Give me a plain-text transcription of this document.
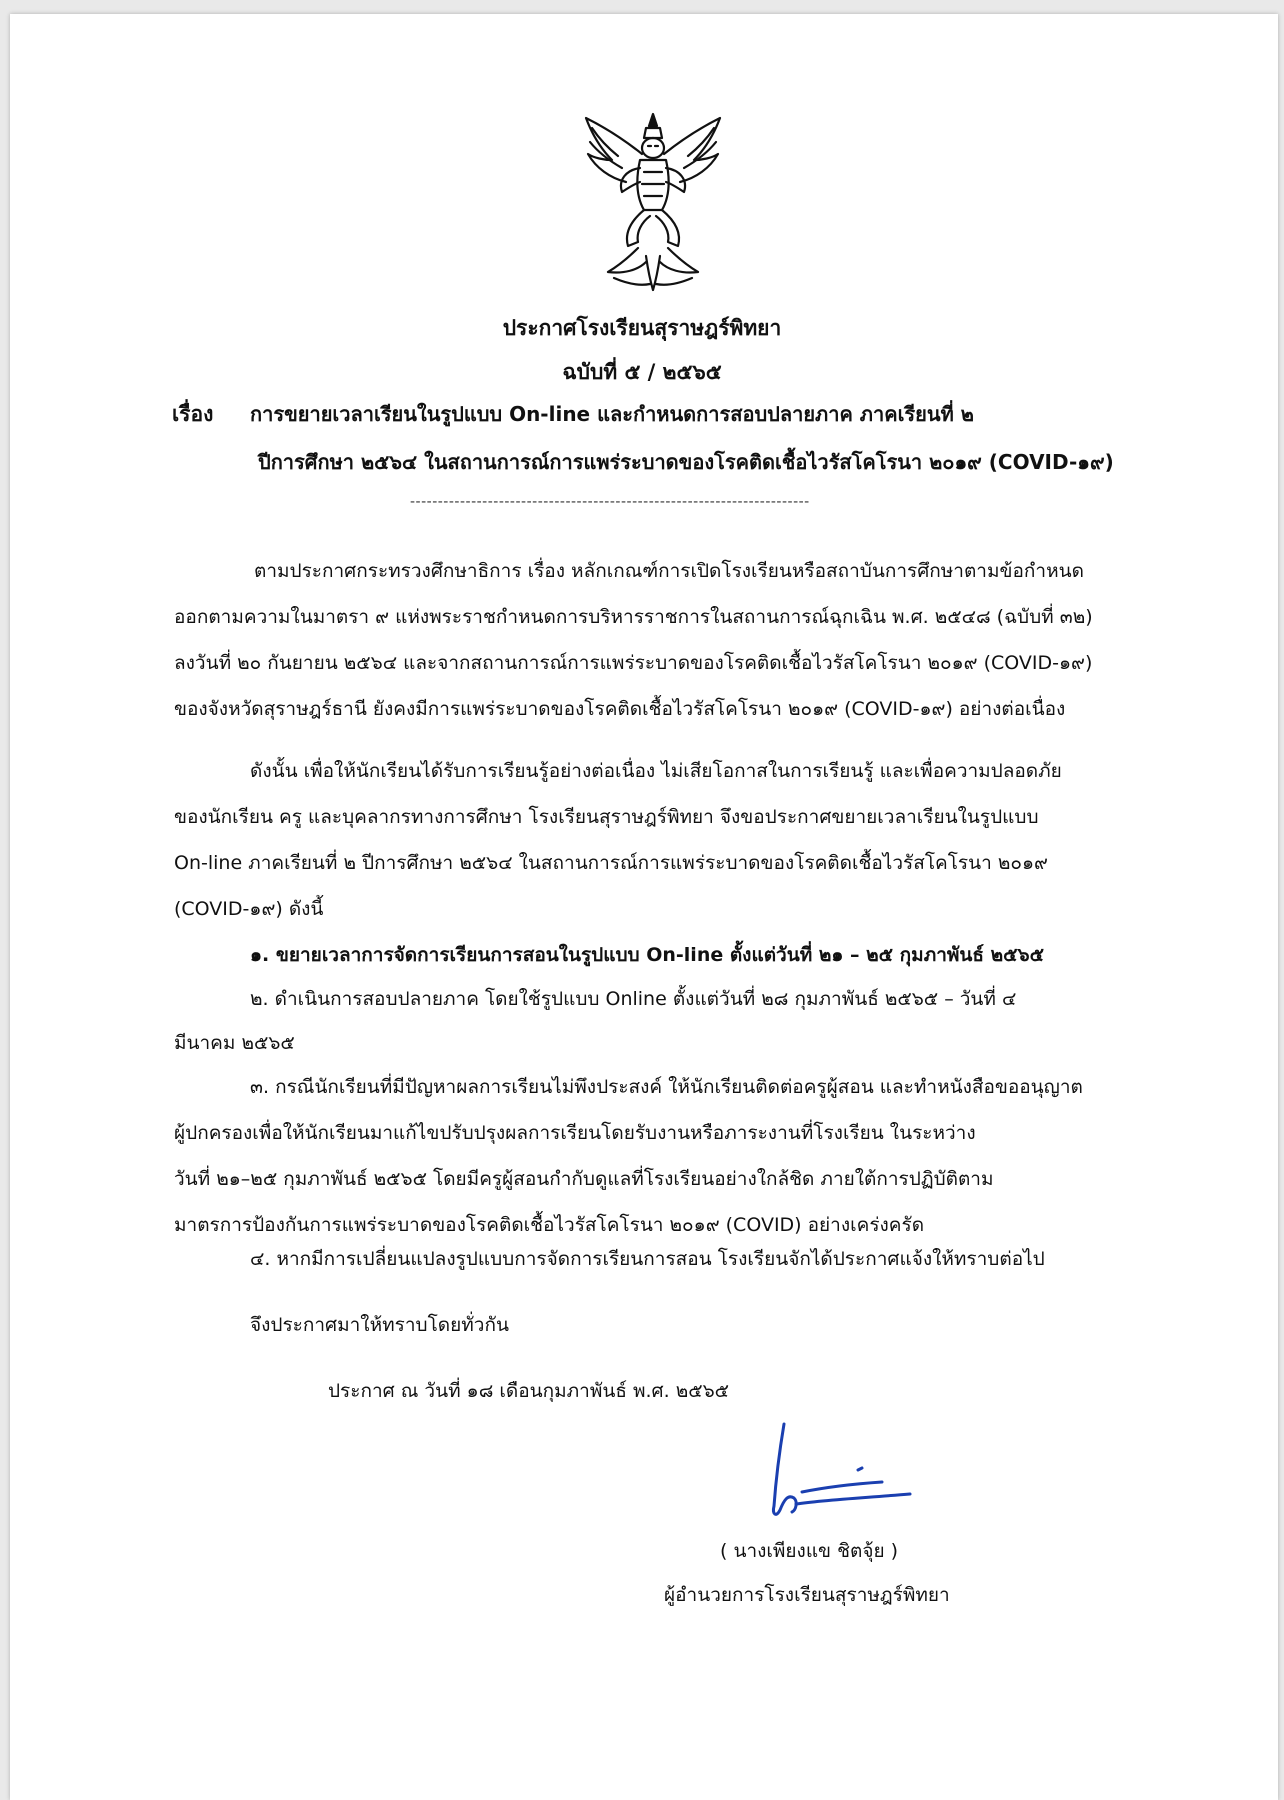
ประกาศโรงเรียนสุราษฎร์พิทยา
ฉบับที่ ๕ / ๒๕๖๕
เรื่อง การขยายเวลาเรียนในรูปแบบ On-line และกำหนดการสอบปลายภาค ภาคเรียนที่ ๒
ปีการศึกษา ๒๕๖๔ ในสถานการณ์การแพร่ระบาดของโรคติดเชื้อไวรัสโคโรนา ๒๐๑๙ (COVID-๑๙)
------------------------------------------------------------------------
ตามประกาศกระทรวงศึกษาธิการ เรื่อง หลักเกณฑ์การเปิดโรงเรียนหรือสถาบันการศึกษาตามข้อกำหนด
ออกตามความในมาตรา ๙ แห่งพระราชกำหนดการบริหารราชการในสถานการณ์ฉุกเฉิน พ.ศ. ๒๕๔๘ (ฉบับที่ ๓๒)
ลงวันที่ ๒๐ กันยายน ๒๕๖๔ และจากสถานการณ์การแพร่ระบาดของโรคติดเชื้อไวรัสโคโรนา ๒๐๑๙ (COVID-๑๙)
ของจังหวัดสุราษฎร์ธานี ยังคงมีการแพร่ระบาดของโรคติดเชื้อไวรัสโคโรนา ๒๐๑๙ (COVID-๑๙) อย่างต่อเนื่อง
ดังนั้น เพื่อให้นักเรียนได้รับการเรียนรู้อย่างต่อเนื่อง ไม่เสียโอกาสในการเรียนรู้ และเพื่อความปลอดภัย
ของนักเรียน ครู และบุคลากรทางการศึกษา โรงเรียนสุราษฎร์พิทยา จึงขอประกาศขยายเวลาเรียนในรูปแบบ
On-line ภาคเรียนที่ ๒ ปีการศึกษา ๒๕๖๔ ในสถานการณ์การแพร่ระบาดของโรคติดเชื้อไวรัสโคโรนา ๒๐๑๙
(COVID-๑๙) ดังนี้
๑. ขยายเวลาการจัดการเรียนการสอนในรูปแบบ On-line ตั้งแต่วันที่ ๒๑ – ๒๕ กุมภาพันธ์ ๒๕๖๕
๒. ดำเนินการสอบปลายภาค โดยใช้รูปแบบ Online ตั้งแต่วันที่ ๒๘ กุมภาพันธ์ ๒๕๖๕ – วันที่ ๔
มีนาคม ๒๕๖๕
๓. กรณีนักเรียนที่มีปัญหาผลการเรียนไม่พึงประสงค์ ให้นักเรียนติดต่อครูผู้สอน และทำหนังสือขออนุญาต
ผู้ปกครองเพื่อให้นักเรียนมาแก้ไขปรับปรุงผลการเรียนโดยรับงานหรือภาระงานที่โรงเรียน ในระหว่าง
วันที่ ๒๑–๒๕ กุมภาพันธ์ ๒๕๖๕ โดยมีครูผู้สอนกำกับดูแลที่โรงเรียนอย่างใกล้ชิด ภายใต้การปฏิบัติตาม
มาตรการป้องกันการแพร่ระบาดของโรคติดเชื้อไวรัสโคโรนา ๒๐๑๙ (COVID) อย่างเคร่งครัด
๔. หากมีการเปลี่ยนแปลงรูปแบบการจัดการเรียนการสอน โรงเรียนจักได้ประกาศแจ้งให้ทราบต่อไป
จึงประกาศมาให้ทราบโดยทั่วกัน
ประกาศ ณ วันที่ ๑๘ เดือนกุมภาพันธ์ พ.ศ. ๒๕๖๕
( นางเพียงแข ชิตจุ้ย )
ผู้อำนวยการโรงเรียนสุราษฎร์พิทยา
